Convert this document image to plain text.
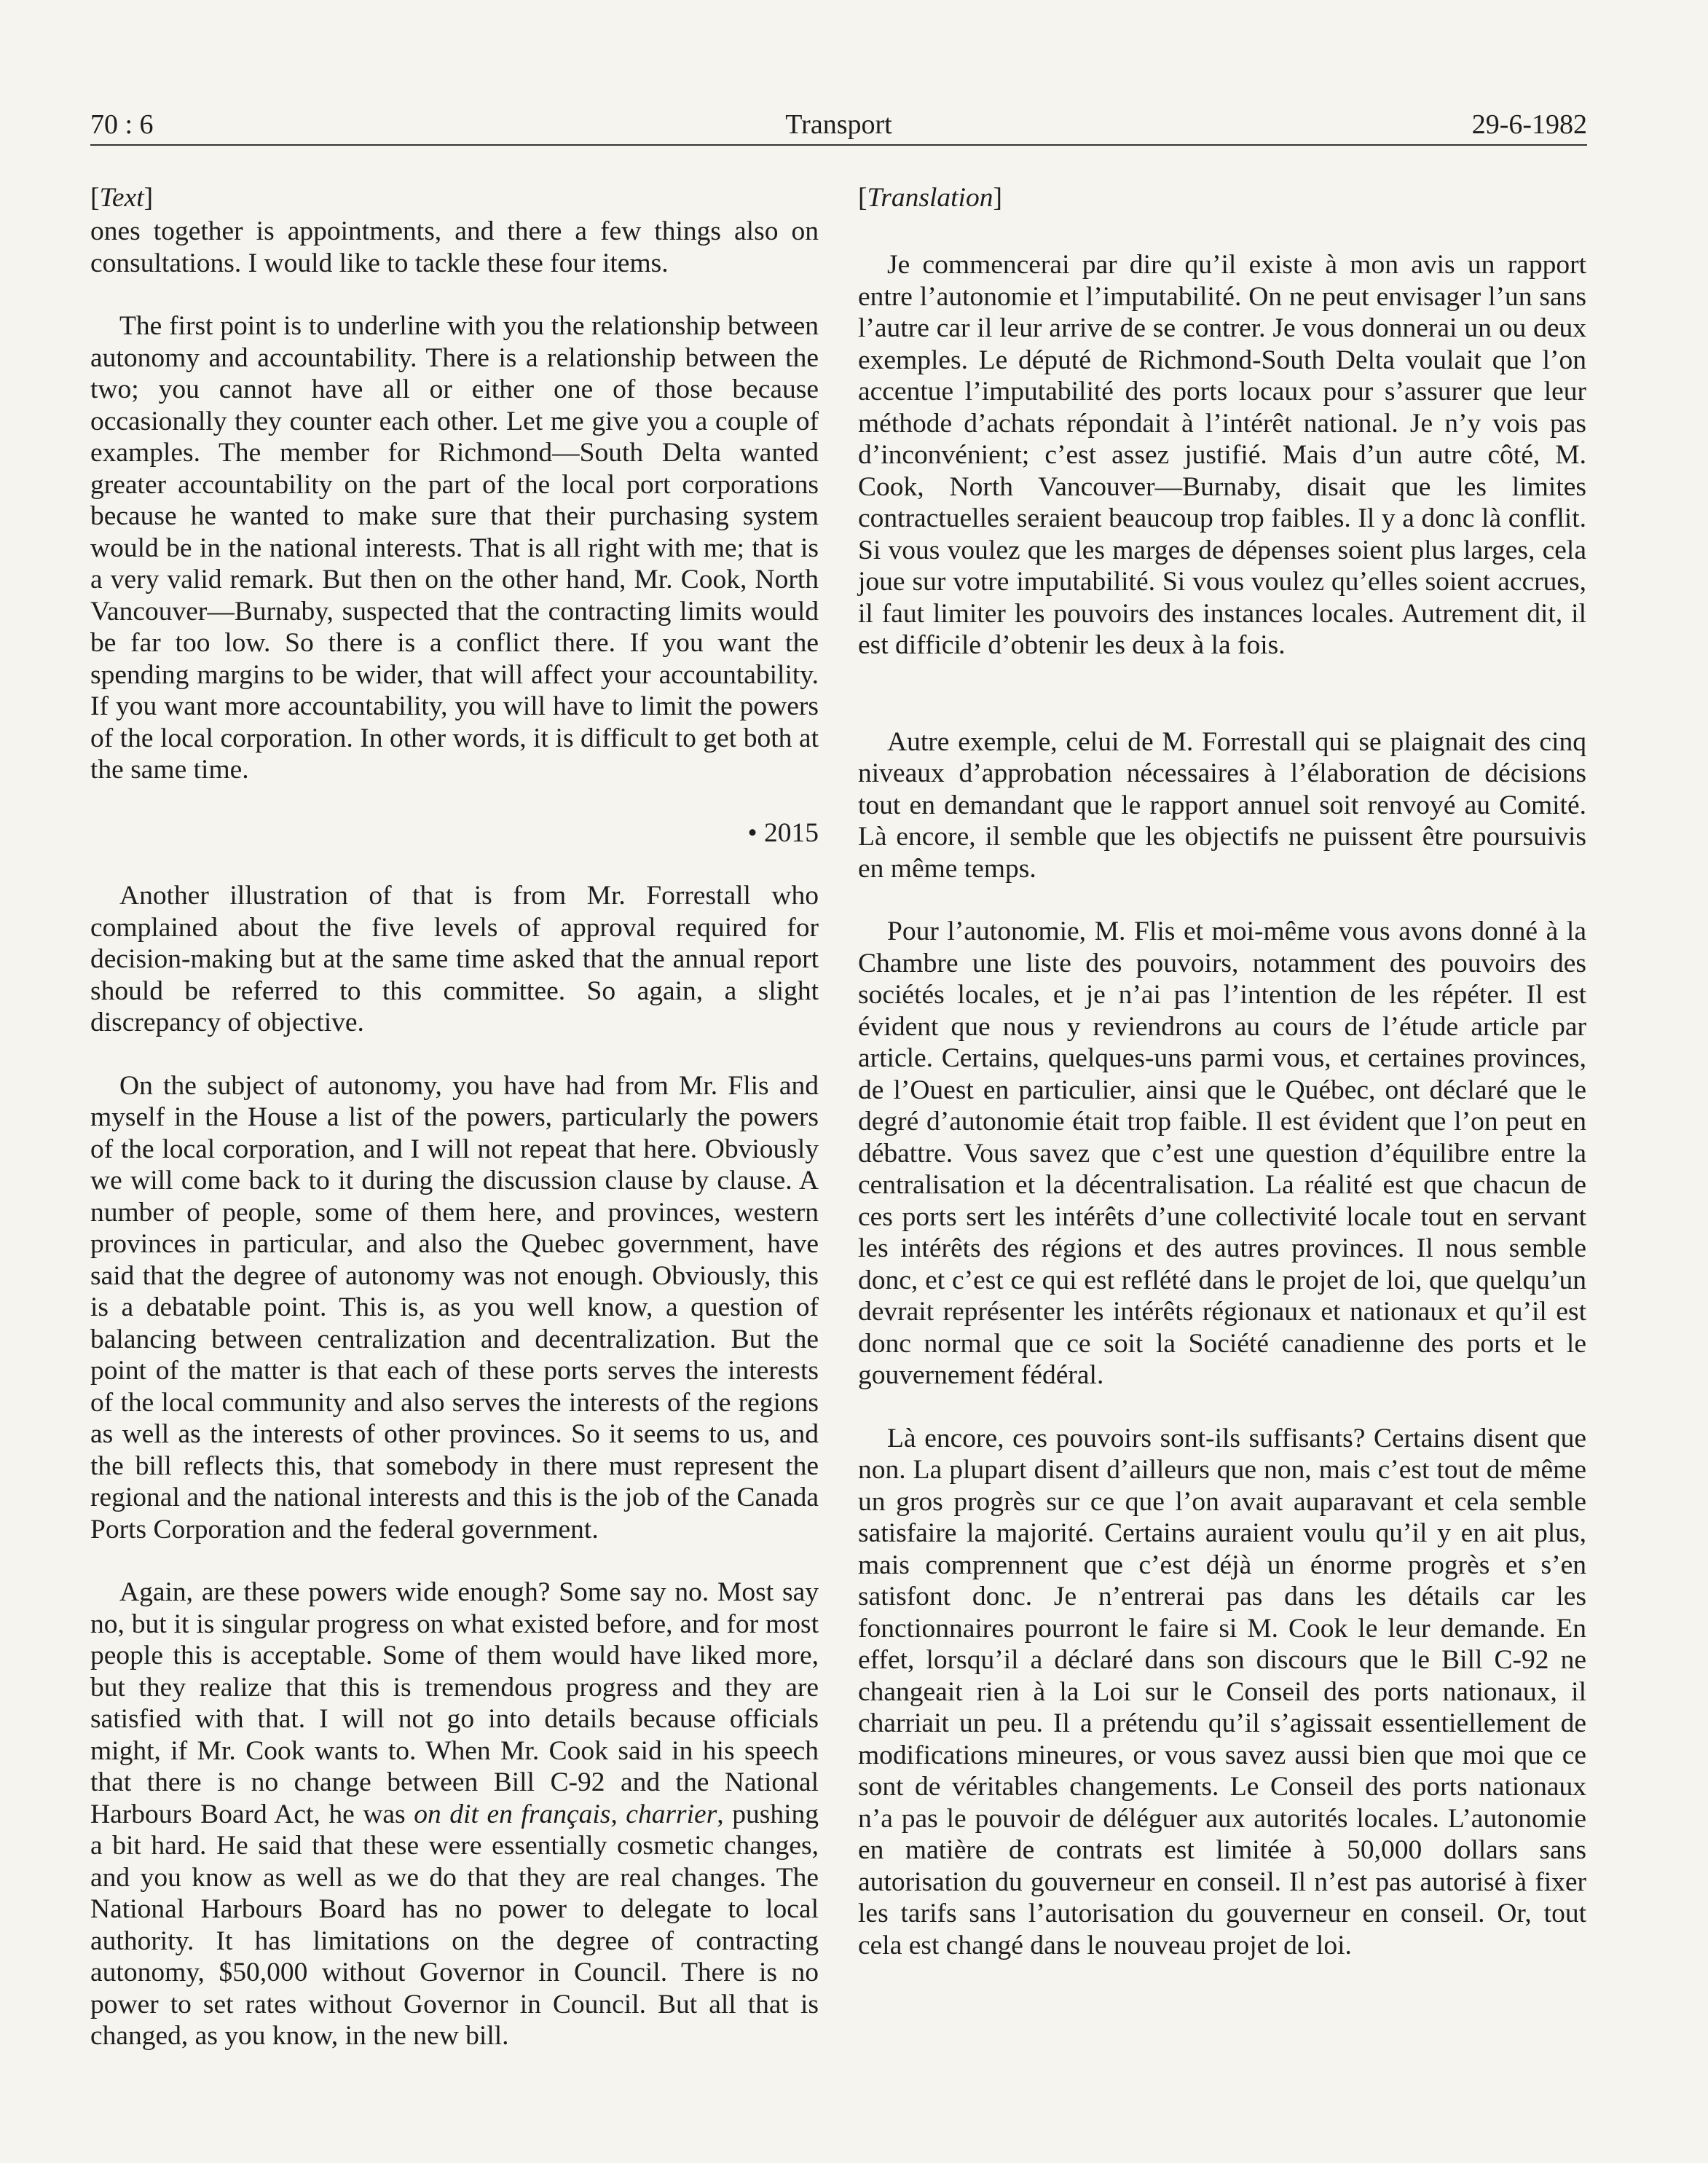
70 : 6	Transport	29-6-1982
[Text]

ones together is appointments, and there a few things also on consultations. I would like to tackle these four items.

The first point is to underline with you the relationship between autonomy and accountability. There is a relationship between the two; you cannot have all or either one of those because occasionally they counter each other. Let me give you a couple of examples. The member for Richmond—South Delta wanted greater accountability on the part of the local port corporations because he wanted to make sure that their purchasing system would be in the national interests. That is all right with me; that is a very valid remark. But then on the other hand, Mr. Cook, North Vancouver—Burnaby, suspected that the contracting limits would be far too low. So there is a conflict there. If you want the spending margins to be wider, that will affect your accountability. If you want more accountability, you will have to limit the powers of the local corporation. In other words, it is difficult to get both at the same time.

• 2015

Another illustration of that is from Mr. Forrestall who complained about the five levels of approval required for decision-making but at the same time asked that the annual report should be referred to this committee. So again, a slight discrepancy of objective.

On the subject of autonomy, you have had from Mr. Flis and myself in the House a list of the powers, particularly the powers of the local corporation, and I will not repeat that here. Obviously we will come back to it during the discussion clause by clause. A number of people, some of them here, and provinces, western provinces in particular, and also the Quebec government, have said that the degree of autonomy was not enough. Obviously, this is a debatable point. This is, as you well know, a question of balancing between centralization and decentralization. But the point of the matter is that each of these ports serves the interests of the local community and also serves the interests of the regions as well as the interests of other provinces. So it seems to us, and the bill reflects this, that somebody in there must represent the regional and the national interests and this is the job of the Canada Ports Corporation and the federal government.

Again, are these powers wide enough? Some say no. Most say no, but it is singular progress on what existed before, and for most people this is acceptable. Some of them would have liked more, but they realize that this is tremendous progress and they are satisfied with that. I will not go into details because officials might, if Mr. Cook wants to. When Mr. Cook said in his speech that there is no change between Bill C-92 and the National Harbours Board Act, he was on dit en français, charrier, pushing a bit hard. He said that these were essentially cosmetic changes, and you know as well as we do that they are real changes. The National Harbours Board has no power to delegate to local authority. It has limitations on the degree of contracting autonomy, $50,000 without Governor in Council. There is no power to set rates without Governor in Council. But all that is changed, as you know, in the new bill.

[Translation]

Je commencerai par dire qu’il existe à mon avis un rapport entre l’autonomie et l’imputabilité. On ne peut envisager l’un sans l’autre car il leur arrive de se contrer. Je vous donnerai un ou deux exemples. Le député de Richmond-South Delta voulait que l’on accentue l’imputabilité des ports locaux pour s’assurer que leur méthode d’achats répondait à l’intérêt national. Je n’y vois pas d’inconvénient; c’est assez justifié. Mais d’un autre côté, M. Cook, North Vancouver—Burnaby, disait que les limites contractuelles seraient beaucoup trop faibles. Il y a donc là conflit. Si vous voulez que les marges de dépenses soient plus larges, cela joue sur votre imputabilité. Si vous voulez qu’elles soient accrues, il faut limiter les pouvoirs des instances locales. Autrement dit, il est difficile d’obtenir les deux à la fois.

Autre exemple, celui de M. Forrestall qui se plaignait des cinq niveaux d’approbation nécessaires à l’élaboration de décisions tout en demandant que le rapport annuel soit renvoyé au Comité. Là encore, il semble que les objectifs ne puissent être poursuivis en même temps.

Pour l’autonomie, M. Flis et moi-même vous avons donné à la Chambre une liste des pouvoirs, notamment des pouvoirs des sociétés locales, et je n’ai pas l’intention de les répéter. Il est évident que nous y reviendrons au cours de l’étude article par article. Certains, quelques-uns parmi vous, et certaines provinces, de l’Ouest en particulier, ainsi que le Québec, ont déclaré que le degré d’autonomie était trop faible. Il est évident que l’on peut en débattre. Vous savez que c’est une question d’équilibre entre la centralisation et la décentralisation. La réalité est que chacun de ces ports sert les intérêts d’une collectivité locale tout en servant les intérêts des régions et des autres provinces. Il nous semble donc, et c’est ce qui est reflété dans le projet de loi, que quelqu’un devrait représenter les intérêts régionaux et nationaux et qu’il est donc normal que ce soit la Société canadienne des ports et le gouvernement fédéral.

Là encore, ces pouvoirs sont-ils suffisants? Certains disent que non. La plupart disent d’ailleurs que non, mais c’est tout de même un gros progrès sur ce que l’on avait auparavant et cela semble satisfaire la majorité. Certains auraient voulu qu’il y en ait plus, mais comprennent que c’est déjà un énorme progrès et s’en satisfont donc. Je n’entrerai pas dans les détails car les fonctionnaires pourront le faire si M. Cook le leur demande. En effet, lorsqu’il a déclaré dans son discours que le Bill C-92 ne changeait rien à la Loi sur le Conseil des ports nationaux, il charriait un peu. Il a prétendu qu’il s’agissait essentiellement de modifications mineures, or vous savez aussi bien que moi que ce sont de véritables changements. Le Conseil des ports nationaux n’a pas le pouvoir de déléguer aux autorités locales. L’autonomie en matière de contrats est limitée à 50,000 dollars sans autorisation du gouverneur en conseil. Il n’est pas autorisé à fixer les tarifs sans l’autorisation du gouverneur en conseil. Or, tout cela est changé dans le nouveau projet de loi.
